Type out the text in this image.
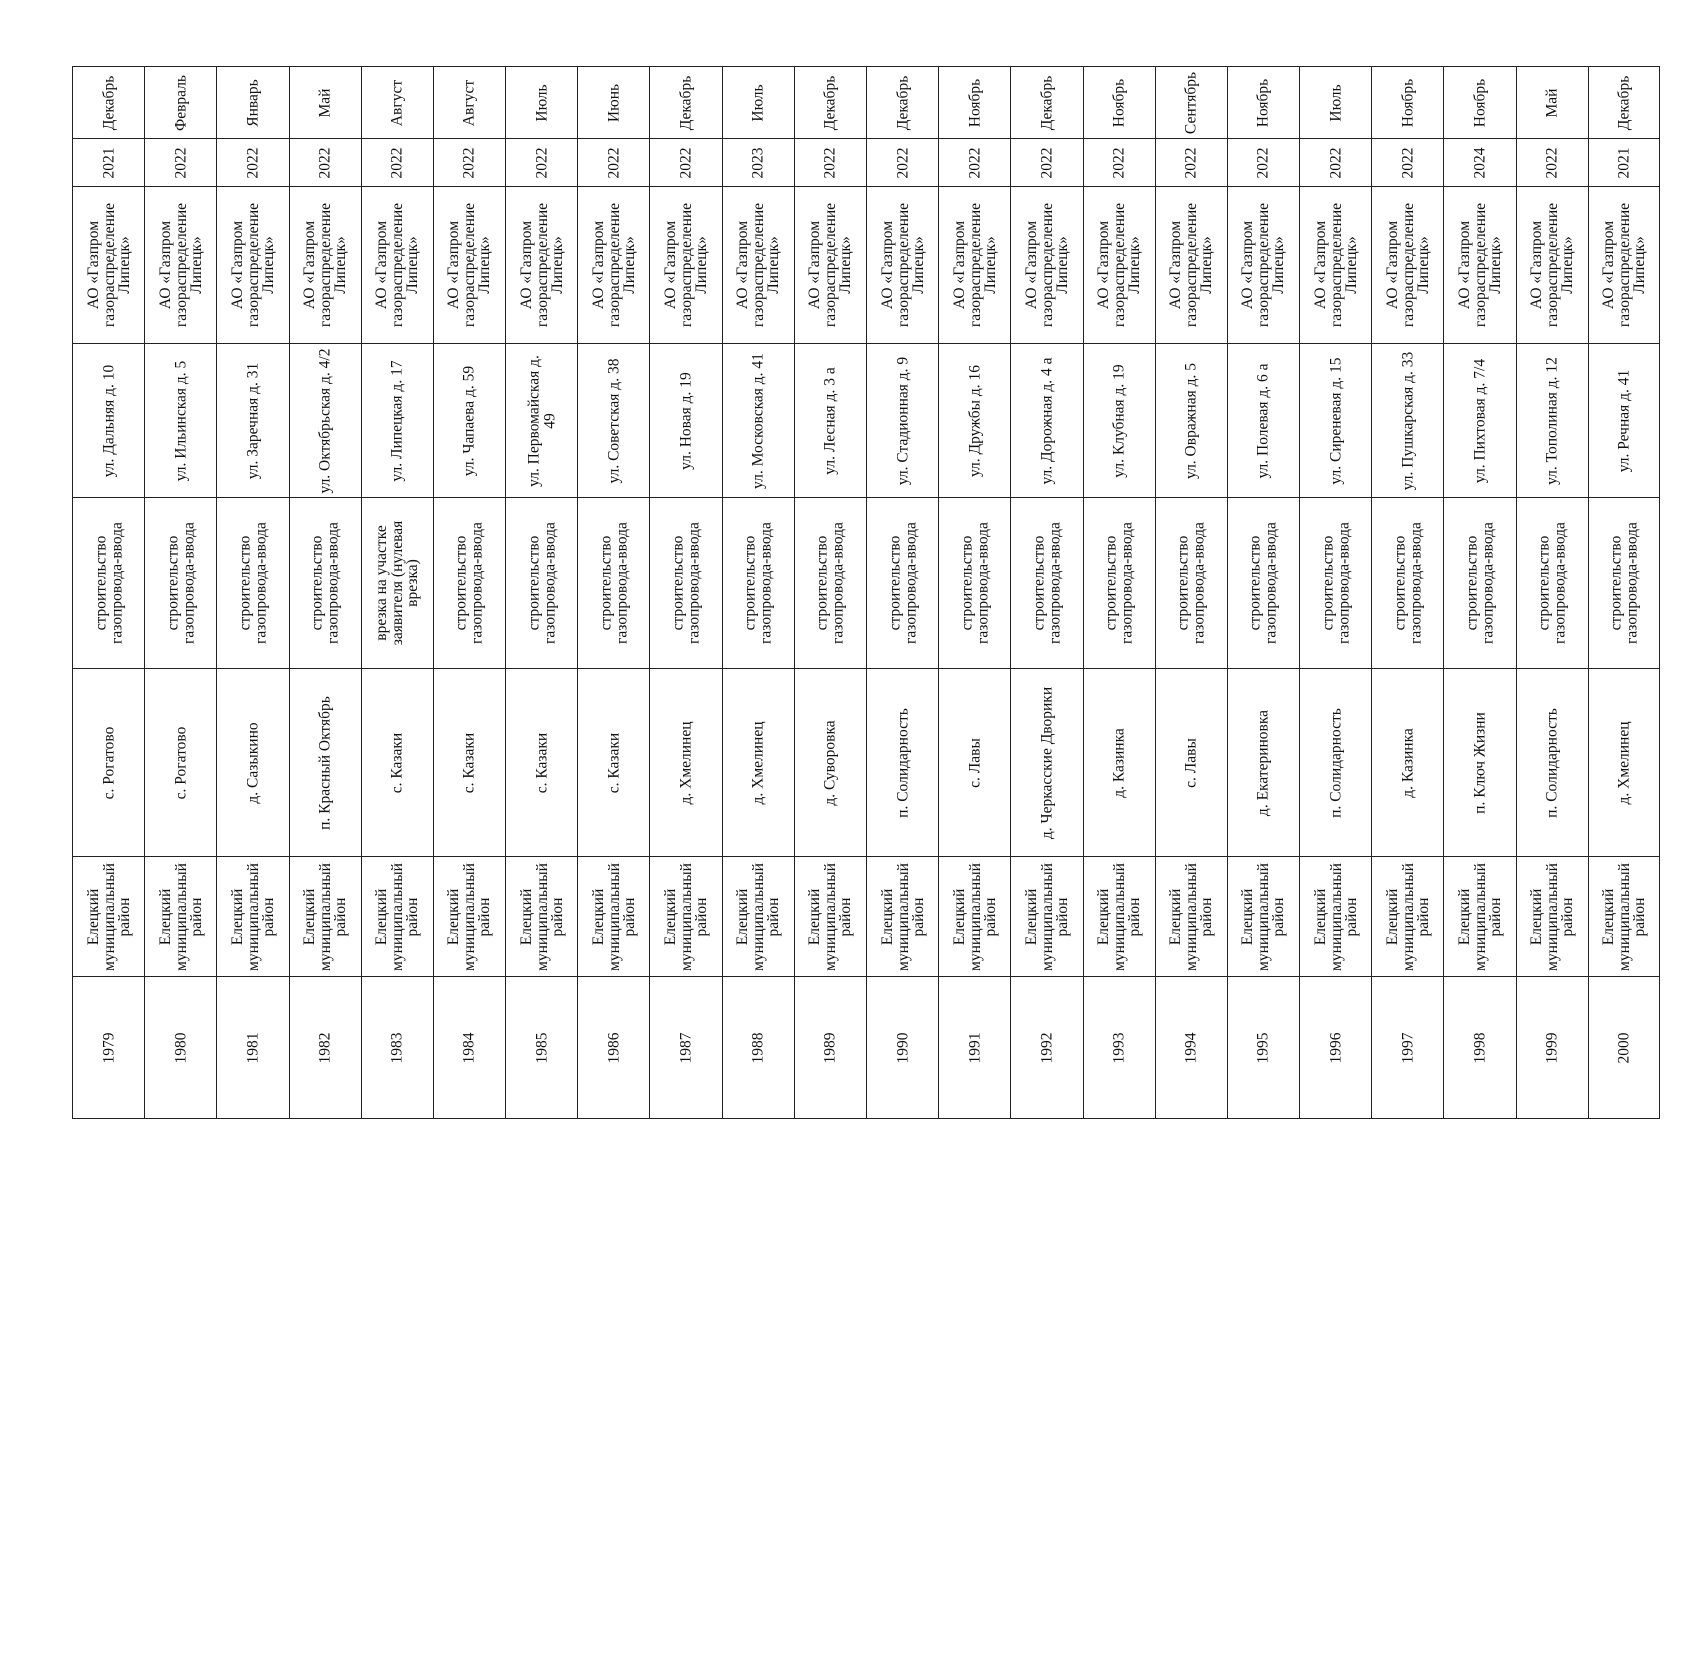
Декабрь
2021
АО «Газпром газораспределение Липецк»
ул. Дальняя д. 10
строительство газопровода-ввода
с. Рогатово
Елецкий муниципальный район
1979
Февраль
2022
АО «Газпром газораспределение Липецк»
ул. Ильинская д. 5
строительство газопровода-ввода
с. Рогатово
Елецкий муниципальный район
1980
Январь
2022
АО «Газпром газораспределение Липецк»
ул. Заречная д. 31
строительство газопровода-ввода
д. Сазыкино
Елецкий муниципальный район
1981
Май
2022
АО «Газпром газораспределение Липецк»
ул. Октябрьская д. 4/2
строительство газопровода-ввода
п. Красный Октябрь
Елецкий муниципальный район
1982
Август
2022
АО «Газпром газораспределение Липецк»
ул. Липецкая д. 17
врезка на участке заявителя (нулевая врезка)
с. Казаки
Елецкий муниципальный район
1983
Август
2022
АО «Газпром газораспределение Липецк»
ул. Чапаева д. 59
строительство газопровода-ввода
с. Казаки
Елецкий муниципальный район
1984
Июль
2022
АО «Газпром газораспределение Липецк»
ул. Первомайская д. 49
строительство газопровода-ввода
с. Казаки
Елецкий муниципальный район
1985
Июнь
2022
АО «Газпром газораспределение Липецк»
ул. Советская д. 38
строительство газопровода-ввода
с. Казаки
Елецкий муниципальный район
1986
Декабрь
2022
АО «Газпром газораспределение Липецк»
ул. Новая д. 19
строительство газопровода-ввода
д. Хмелинец
Елецкий муниципальный район
1987
Июль
2023
АО «Газпром газораспределение Липецк»
ул. Московская д. 41
строительство газопровода-ввода
д. Хмелинец
Елецкий муниципальный район
1988
Декабрь
2022
АО «Газпром газораспределение Липецк»
ул. Лесная д. 3 а
строительство газопровода-ввода
д. Суворовка
Елецкий муниципальный район
1989
Декабрь
2022
АО «Газпром газораспределение Липецк»
ул. Стадионная д. 9
строительство газопровода-ввода
п. Солидарность
Елецкий муниципальный район
1990
Ноябрь
2022
АО «Газпром газораспределение Липецк»
ул. Дружбы д. 16
строительство газопровода-ввода
с. Лавы
Елецкий муниципальный район
1991
Декабрь
2022
АО «Газпром газораспределение Липецк»
ул. Дорожная д. 4 а
строительство газопровода-ввода
д. Черкасские Дворики
Елецкий муниципальный район
1992
Ноябрь
2022
АО «Газпром газораспределение Липецк»
ул. Клубная д. 19
строительство газопровода-ввода
д. Казинка
Елецкий муниципальный район
1993
Сентябрь
2022
АО «Газпром газораспределение Липецк»
ул. Овражная д. 5
строительство газопровода-ввода
с. Лавы
Елецкий муниципальный район
1994
Ноябрь
2022
АО «Газпром газораспределение Липецк»
ул. Полевая д. 6 а
строительство газопровода-ввода
д. Екатериновка
Елецкий муниципальный район
1995
Июль
2022
АО «Газпром газораспределение Липецк»
ул. Сиреневая д. 15
строительство газопровода-ввода
п. Солидарность
Елецкий муниципальный район
1996
Ноябрь
2022
АО «Газпром газораспределение Липецк»
ул. Пушкарская д. 33
строительство газопровода-ввода
д. Казинка
Елецкий муниципальный район
1997
Ноябрь
2024
АО «Газпром газораспределение Липецк»
ул. Пихтовая д. 7/4
строительство газопровода-ввода
п. Ключ Жизни
Елецкий муниципальный район
1998
Май
2022
АО «Газпром газораспределение Липецк»
ул. Тополиная д. 12
строительство газопровода-ввода
п. Солидарность
Елецкий муниципальный район
1999
Декабрь
2021
АО «Газпром газораспределение Липецк»
ул. Речная д. 41
строительство газопровода-ввода
д. Хмелинец
Елецкий муниципальный район
2000
